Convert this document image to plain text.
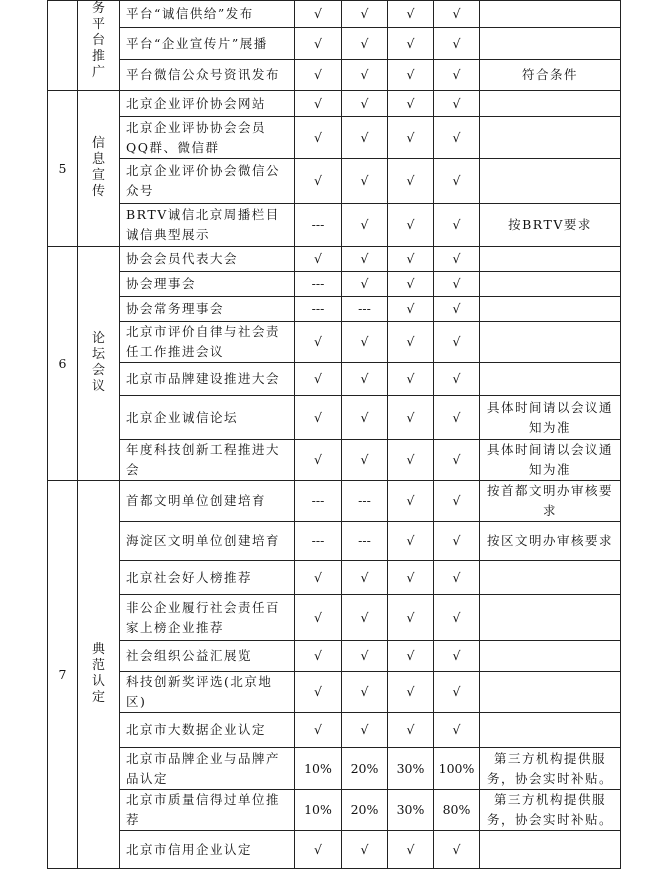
	务平台推广	平台“诚信供给”发布	√	√	√	√	
		平台“企业宣传片”展播	√	√	√	√	
		平台微信公众号资讯发布	√	√	√	√	符合条件
5	信息宣传	北京企业评价协会网站	√	√	√	√	
		北京企业评协协会会员QQ群、微信群	√	√	√	√	
		北京企业评价协会微信公众号	√	√	√	√	
		BRTV诚信北京周播栏目诚信典型展示	---	√	√	√	按BRTV要求
6	论坛会议	协会会员代表大会	√	√	√	√	
		协会理事会	---	√	√	√	
		协会常务理事会	---	---	√	√	
		北京市评价自律与社会责任工作推进会议	√	√	√	√	
		北京市品牌建设推进大会	√	√	√	√	
		北京企业诚信论坛	√	√	√	√	具体时间请以会议通知为准
		年度科技创新工程推进大会	√	√	√	√	具体时间请以会议通知为准
7	典范认定	首都文明单位创建培育	---	---	√	√	按首都文明办审核要求
		海淀区文明单位创建培育	---	---	√	√	按区文明办审核要求
		北京社会好人榜推荐	√	√	√	√	
		非公企业履行社会责任百家上榜企业推荐	√	√	√	√	
		社会组织公益汇展览	√	√	√	√	
		科技创新奖评选(北京地区)	√	√	√	√	
		北京市大数据企业认定	√	√	√	√	
		北京市品牌企业与品牌产品认定	10%	20%	30%	100%	第三方机构提供服务，协会实时补贴。
		北京市质量信得过单位推荐	10%	20%	30%	80%	第三方机构提供服务，协会实时补贴。
		北京市信用企业认定	√	√	√	√	
